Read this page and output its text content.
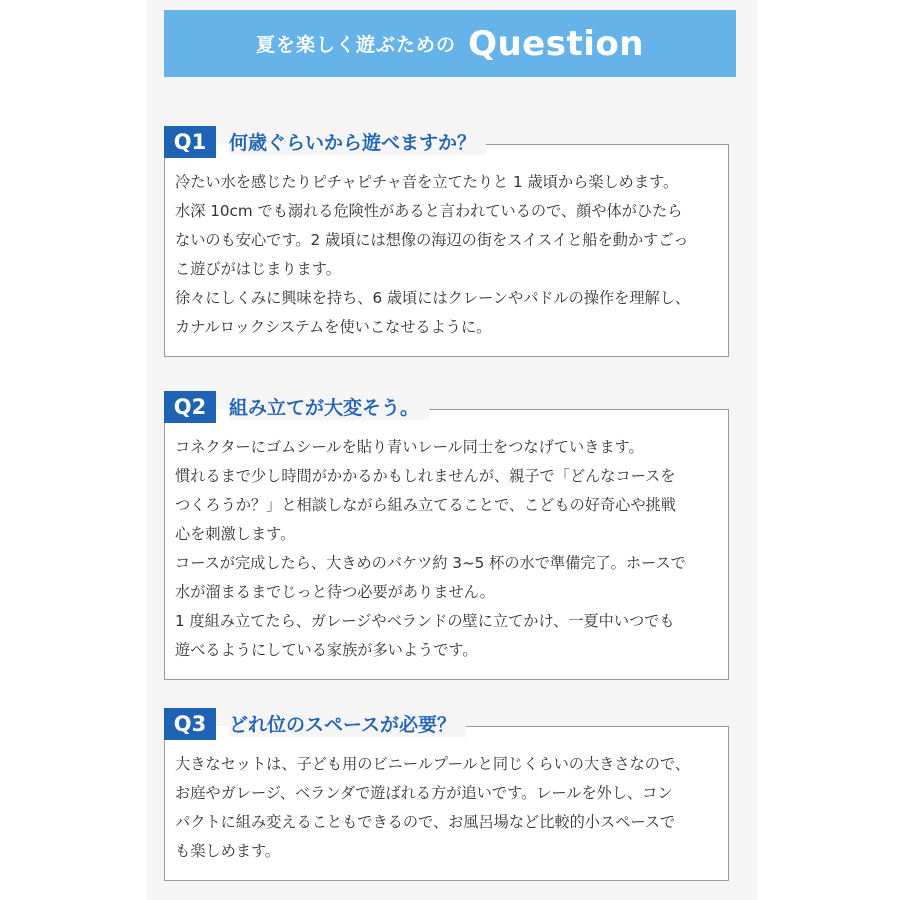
夏を楽しく遊ぶための Question
Q1	何歳ぐらいから遊べますか？

冷たい水を感じたりピチャピチャ音を立てたりと 1 歳頃から楽しめます。

水深 10cm でも溺れる危険性があると言われているので、顔や体がひたら

ないのも安心です。2 歳頃には想像の海辺の街をスイスイと船を動かすごっ

こ遊びがはじまります。

徐々にしくみに興味を持ち、6 歳頃にはクレーンやパドルの操作を理解し、

カナルロックシステムを使いこなせるように。

Q2	組み立てが大変そう。

コネクターにゴムシールを貼り青いレール同士をつなげていきます。

慣れるまで少し時間がかかるかもしれませんが、親子で「どんなコースを

つくろうか？」と相談しながら組み立てることで、こどもの好奇心や挑戦

心を刺激します。

コースが完成したら、大きめのバケツ約 3~5 杯の水で準備完了。ホースで

水が溜まるまでじっと待つ必要がありません。

1 度組み立てたら、ガレージやベランドの壁に立てかけ、一夏中いつでも

遊べるようにしている家族が多いようです。

Q3	どれ位のスペースが必要？

大きなセットは、子ども用のビニールプールと同じくらいの大きさなので、

お庭やガレージ、ベランダで遊ばれる方が追いです。レールを外し、コン

パクトに組み変えることもできるので、お風呂場など比較的小スペースで

も楽しめます。
